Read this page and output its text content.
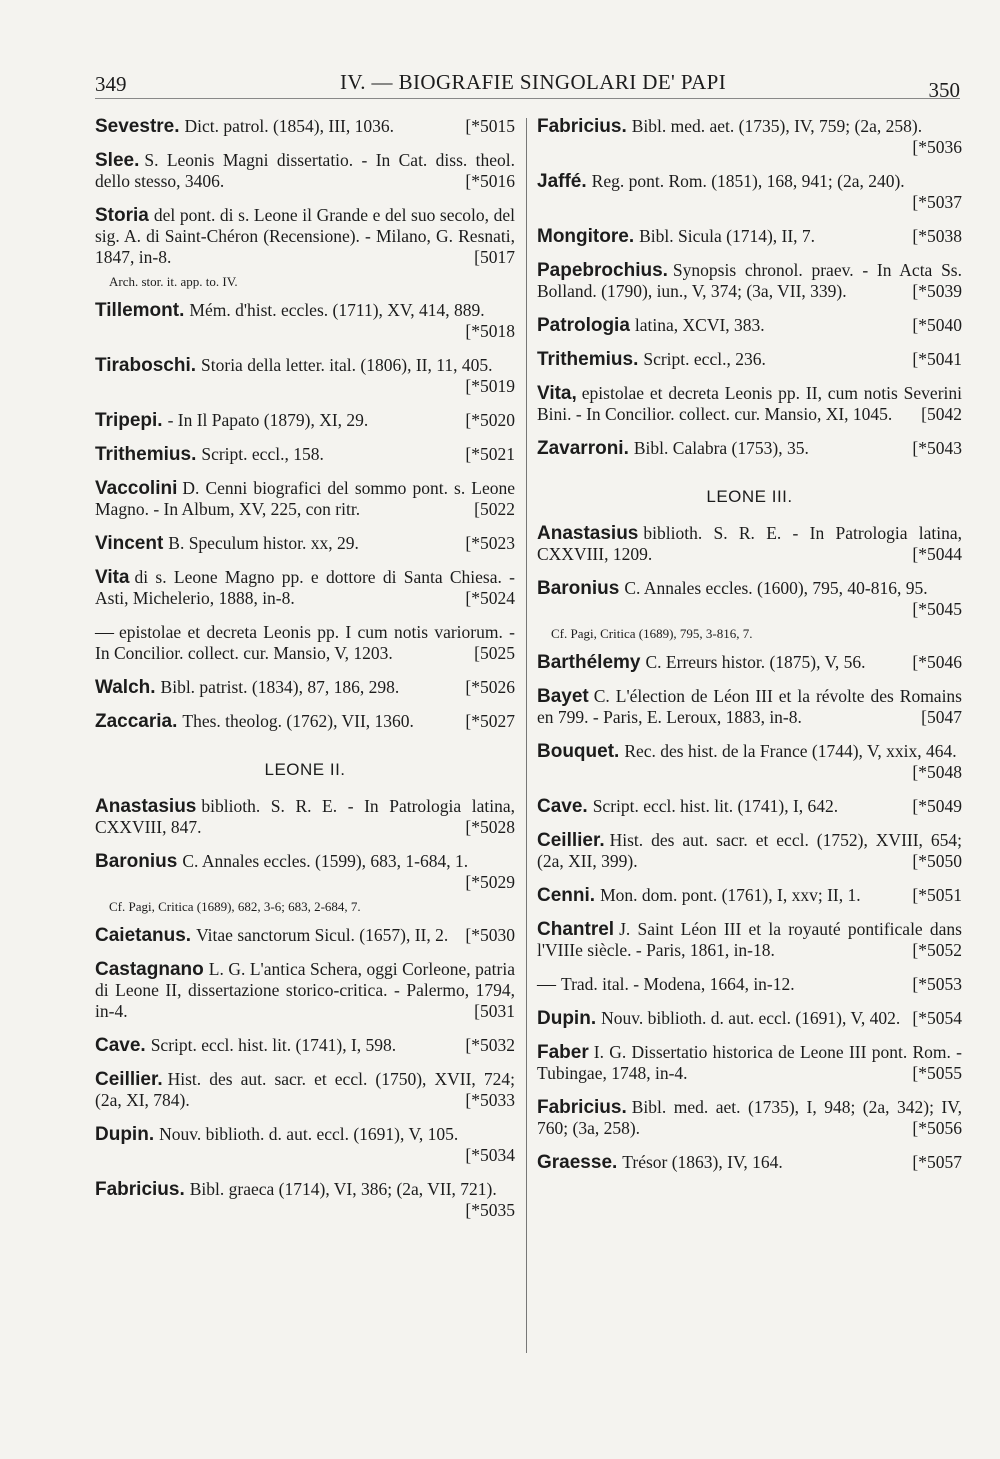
349	IV. — BIOGRAFIE SINGOLARI DE' PAPI	350
Sevestre. Dict. patrol. (1854), III, 1036.	[*5015
Slee. S. Leonis Magni dissertatio. - In Cat. diss. theol. dello stesso, 3406.	[*5016
Storia del pont. di s. Leone il Grande e del suo secolo, del sig. A. di Saint-Chéron (Recensione). - Milano, G. Resnati, 1847, in-8.	[5017
Arch. stor. it. app. to. IV.
Tillemont. Mém. d'hist. eccles. (1711), XV, 414, 889.
[*5018
Tiraboschi. Storia della letter. ital. (1806), II, 11, 405.
[*5019
Tripepi. - In Il Papato (1879), XI, 29.	[*5020
Trithemius. Script. eccl., 158.	[*5021
Vaccolini D. Cenni biografici del sommo pont. s. Leone Magno. - In Album, XV, 225, con ritr.	[5022
Vincent B. Speculum histor. xx, 29.	[*5023
Vita di s. Leone Magno pp. e dottore di Santa Chiesa. - Asti, Michelerio, 1888, in-8.	[*5024
— epistolae et decreta Leonis pp. I cum notis variorum. - In Concilior. collect. cur. Mansio, V, 1203.	[5025
Walch. Bibl. patrist. (1834), 87, 186, 298.	[*5026
Zaccaria. Thes. theolog. (1762), VII, 1360.	[*5027
LEONE II.
Anastasius biblioth. S. R. E. - In Patrologia latina, CXXVIII, 847.	[*5028
Baronius C. Annales eccles. (1599), 683, 1-684, 1.
[*5029
Cf. Pagi, Critica (1689), 682, 3-6; 683, 2-684, 7.
Caietanus. Vitae sanctorum Sicul. (1657), II, 2. [*5030
Castagnano L. G. L'antica Schera, oggi Corleone, patria di Leone II, dissertazione storico-critica. - Palermo, 1794, in-4.	[5031
Cave. Script. eccl. hist. lit. (1741), I, 598.	[*5032
Ceillier. Hist. des aut. sacr. et eccl. (1750), XVII, 724; (2a, XI, 784).	[*5033
Dupin. Nouv. biblioth. d. aut. eccl. (1691), V, 105.
[*5034
Fabricius. Bibl. graeca (1714), VI, 386; (2a, VII, 721).
[*5035
Fabricius. Bibl. med. aet. (1735), IV, 759; (2a, 258).
[*5036
Jaffé. Reg. pont. Rom. (1851), 168, 941; (2a, 240).
[*5037
Mongitore. Bibl. Sicula (1714), II, 7.	[*5038
Papebrochius. Synopsis chronol. praev. - In Acta Ss. Bolland. (1790), iun., V, 374; (3a, VII, 339).	[*5039
Patrologia latina, XCVI, 383.	[*5040
Trithemius. Script. eccl., 236.	[*5041
Vita, epistolae et decreta Leonis pp. II, cum notis Severini Bini. - In Concilior. collect. cur. Mansio, XI, 1045. [5042
Zavarroni. Bibl. Calabra (1753), 35.	[*5043
LEONE III.
Anastasius biblioth. S. R. E. - In Patrologia latina, CXXVIII, 1209.	[*5044
Baronius C. Annales eccles. (1600), 795, 40-816, 95.
[*5045
Cf. Pagi, Critica (1689), 795, 3-816, 7.
Barthélemy C. Erreurs histor. (1875), V, 56.	[*5046
Bayet C. L'élection de Léon III et la révolte des Romains en 799. - Paris, E. Leroux, 1883, in-8.	[5047
Bouquet. Rec. des hist. de la France (1744), V, xxix, 464.
[*5048
Cave. Script. eccl. hist. lit. (1741), I, 642.	[*5049
Ceillier. Hist. des aut. sacr. et eccl. (1752), XVIII, 654; (2a, XII, 399).	[*5050
Cenni. Mon. dom. pont. (1761), I, xxv; II, 1.	[*5051
Chantrel J. Saint Léon III et la royauté pontificale dans l'VIIIe siècle. - Paris, 1861, in-18.	[*5052
— Trad. ital. - Modena, 1664, in-12.	[*5053
Dupin. Nouv. biblioth. d. aut. eccl. (1691), V, 402. [*5054
Faber I. G. Dissertatio historica de Leone III pont. Rom. - Tubingae, 1748, in-4.	[*5055
Fabricius. Bibl. med. aet. (1735), I, 948; (2a, 342); IV, 760; (3a, 258).	[*5056
Graesse. Trésor (1863), IV, 164.	[*5057
